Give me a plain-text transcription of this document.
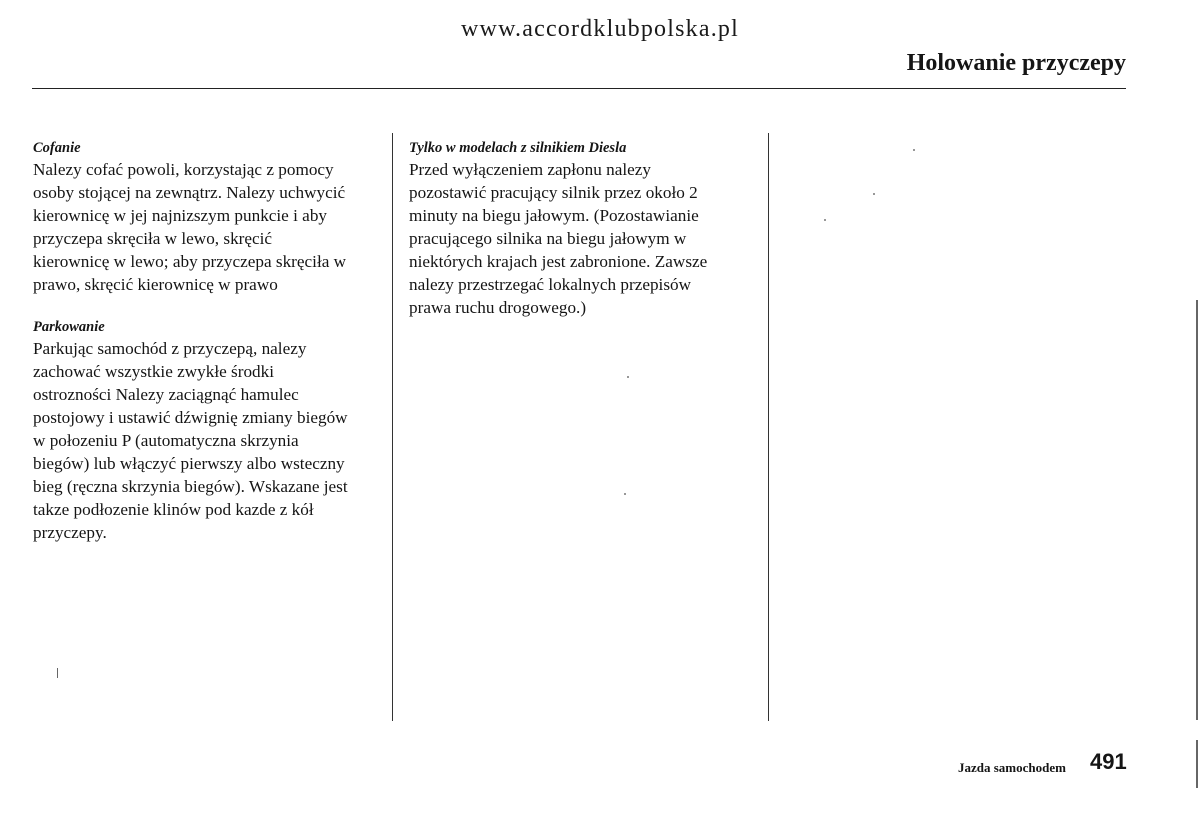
www.accordklubpolska.pl
Holowanie przyczepy
Cofanie
Nalezy cofać powoli, korzystając z pomocy
osoby stojącej na zewnątrz. Nalezy uchwycić
kierownicę w jej najnizszym punkcie i aby
przyczepa skręciła w lewo, skręcić
kierownicę w lewo; aby przyczepa skręciła w
prawo, skręcić kierownicę w prawo
Parkowanie
Parkując samochód z przyczepą, nalezy
zachować wszystkie zwykłe środki
ostrozności Nalezy zaciągnąć hamulec
postojowy i ustawić dźwignię zmiany biegów
w połozeniu P (automatyczna skrzynia
biegów) lub włączyć pierwszy albo wsteczny
bieg (ręczna skrzynia biegów). Wskazane jest
takze podłozenie klinów pod kazde z kół
przyczepy.
Tylko w modelach z silnikiem Diesla
Przed wyłączeniem zapłonu nalezy
pozostawić pracujący silnik przez około 2
minuty na biegu jałowym. (Pozostawianie
pracującego silnika na biegu jałowym w
niektórych krajach jest zabronione. Zawsze
nalezy przestrzegać lokalnych przepisów
prawa ruchu drogowego.)
Jazda samochodem 491
